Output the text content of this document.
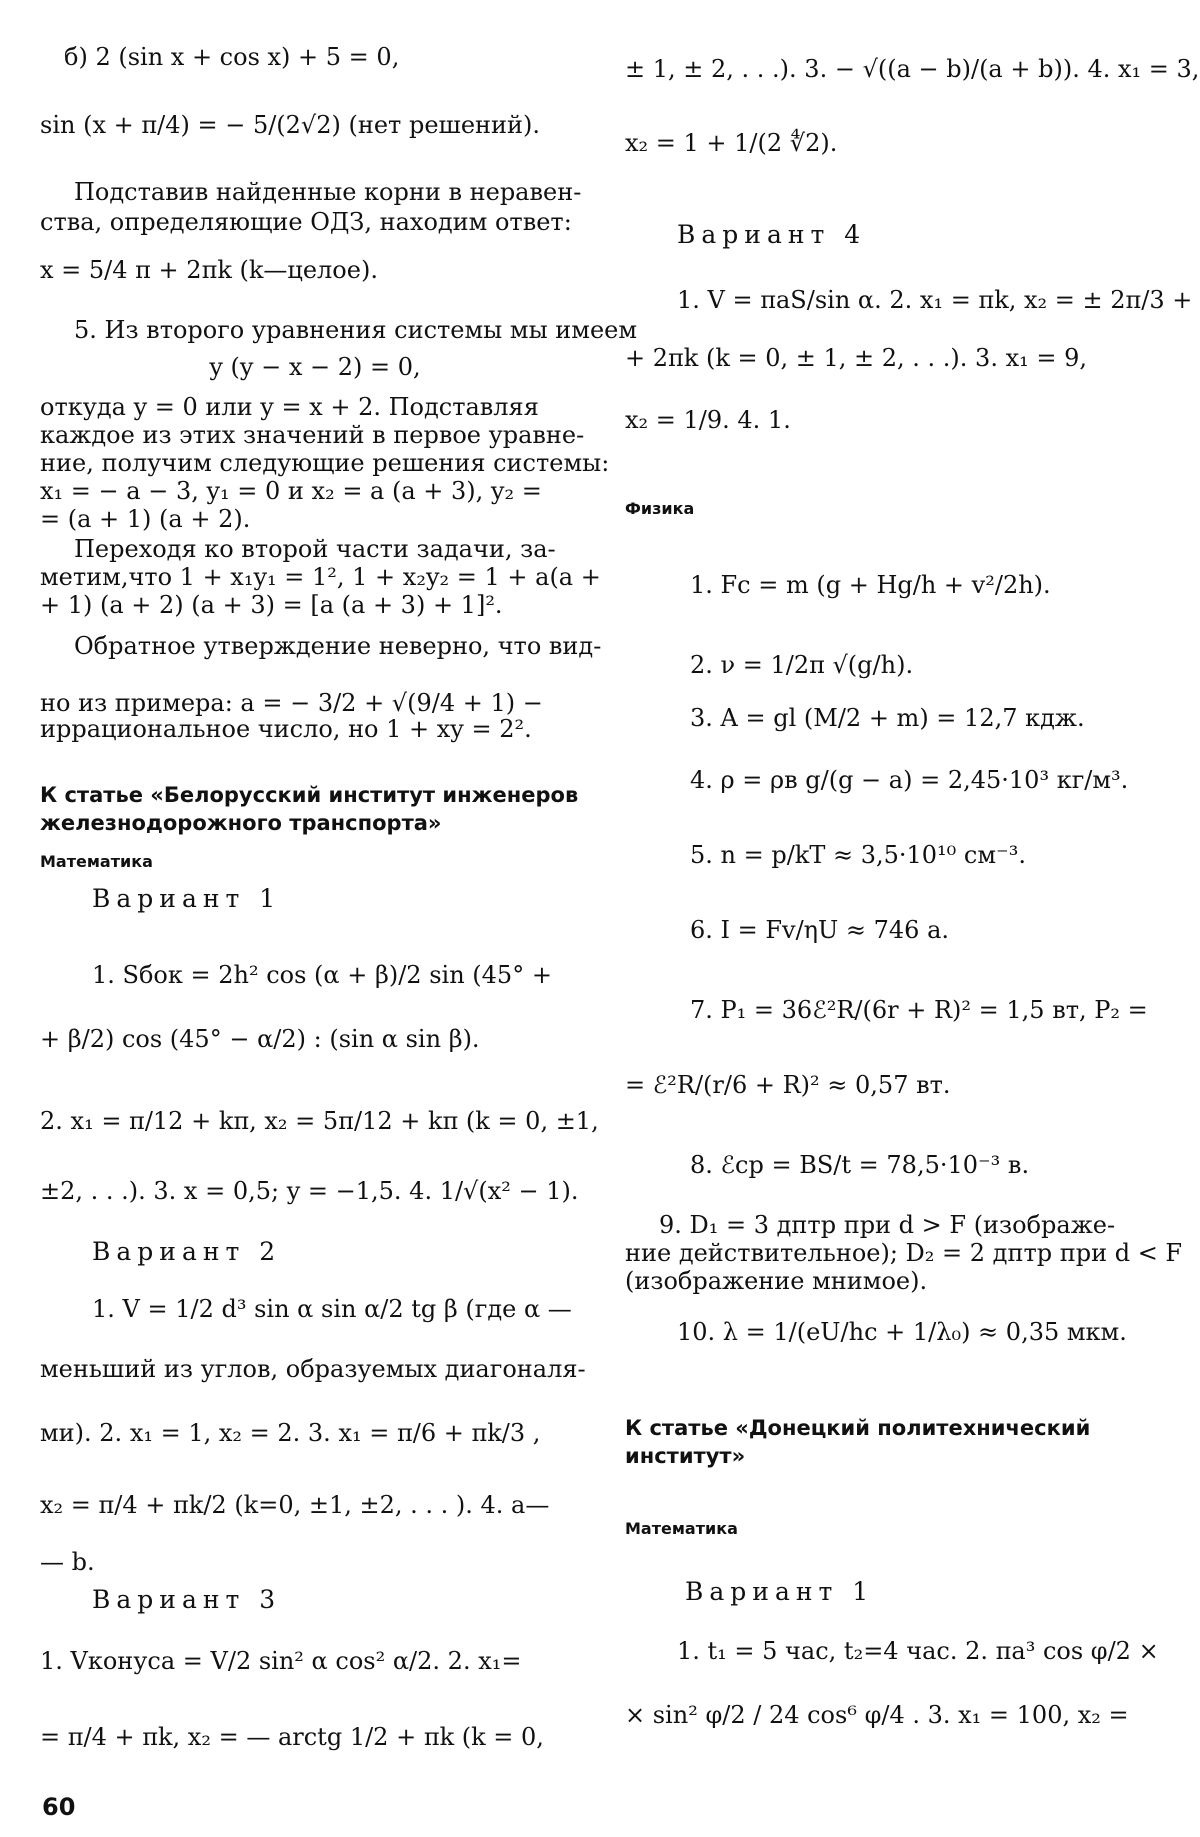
б) 2 (sin x + cos x) + 5 = 0,
sin (x + π/4) = − 5/(2√2) (нет решений).
Подставив найденные корни в неравен-
ства, определяющие ОДЗ, находим ответ:
x = 5/4 π + 2πk (k—целое).
5. Из второго уравнения системы мы имеем
y (y − x − 2) = 0,
откуда y = 0 или y = x + 2. Подставляя
каждое из этих значений в первое уравне-
ние, получим следующие решения системы:
x₁ = − a − 3, y₁ = 0 и x₂ = a (a + 3), y₂ =
= (a + 1) (a + 2).
Переходя ко второй части задачи, за-
метим,что 1 + x₁y₁ = 1², 1 + x₂y₂ = 1 + a(a +
+ 1) (a + 2) (a + 3) = [a (a + 3) + 1]².
Обратное утверждение неверно, что вид-
но из примера: a = − 3/2 + √(9/4 + 1) −
иррациональное число, но 1 + xy = 2².
К статье «Белорусский институт инженеров
железнодорожного транспорта»
Математика
Вариант 1
1. Sбок = 2h² cos (α + β)/2 sin (45° +
+ β/2) cos (45° − α/2) : (sin α sin β).
2. x₁ = π/12 + kπ, x₂ = 5π/12 + kπ (k = 0, ±1,
±2, . . .). 3. x = 0,5; y = −1,5. 4. 1/√(x² − 1).
Вариант 2
1. V = 1/2 d³ sin α sin α/2 tg β (где α —
меньший из углов, образуемых диагоналя-
ми). 2. x₁ = 1, x₂ = 2. 3. x₁ = π/6 + πk/3 ,
x₂ = π/4 + πk/2 (k=0, ±1, ±2, . . . ). 4. a—
— b.
Вариант 3
1. Vконуса = V/2 sin² α cos² α/2. 2. x₁=
= π/4 + πk, x₂ = — arctg 1/2 + πk (k = 0,
± 1, ± 2, . . .). 3. − √((a − b)/(a + b)). 4. x₁ = 3,
x₂ = 1 + 1/(2 ∜2).
Вариант 4
1. V = πaS/sin α. 2. x₁ = πk, x₂ = ± 2π/3 +
+ 2πk (k = 0, ± 1, ± 2, . . .). 3. x₁ = 9,
x₂ = 1/9. 4. 1.
Физика
1. Fс = m (g + Hg/h + v²/2h).
2. ν = 1/2π √(g/h).
3. A = gl (M/2 + m) = 12,7 кдж.
4. ρ = ρв g/(g − a) = 2,45·10³ кг/м³.
5. n = p/kT ≈ 3,5·10¹⁰ см⁻³.
6. I = Fv/ηU ≈ 746 a.
7. P₁ = 36ℰ²R/(6r + R)² = 1,5 вт, P₂ =
= ℰ²R/(r/6 + R)² ≈ 0,57 вт.
8. ℰср = BS/t = 78,5·10⁻³ в.
9. D₁ = 3 дптр при d > F (изображе-
ние действительное); D₂ = 2 дптр при d < F
(изображение мнимое).
10. λ = 1/(eU/hc + 1/λ₀) ≈ 0,35 мкм.
К статье «Донецкий политехнический
институт»
Математика
Вариант 1
1. t₁ = 5 час, t₂=4 час. 2. πa³ cos φ/2 ×
× sin² φ/2 / 24 cos⁶ φ/4 . 3. x₁ = 100, x₂ =
60
